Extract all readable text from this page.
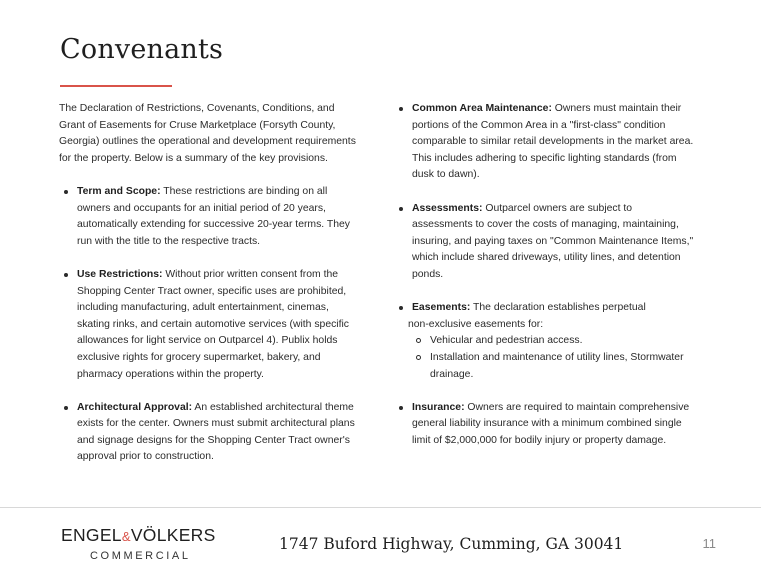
Convenants

The Declaration of Restrictions, Covenants, Conditions, and Grant of Easements for Cruse Marketplace (Forsyth County, Georgia) outlines the operational and development requirements for the property. Below is a summary of the key provisions.

Term and Scope: These restrictions are binding on all owners and occupants for an initial period of 20 years, automatically extending for successive 20-year terms. They run with the title to the respective tracts.
Use Restrictions: Without prior written consent from the Shopping Center Tract owner, specific uses are prohibited, including manufacturing, adult entertainment, cinemas, skating rinks, and certain automotive services (with specific allowances for light service on Outparcel 4). Publix holds exclusive rights for grocery supermarket, bakery, and pharmacy operations within the property.
Architectural Approval: An established architectural theme exists for the center. Owners must submit architectural plans and signage designs for the Shopping Center Tract owner's approval prior to construction.
Common Area Maintenance: Owners must maintain their portions of the Common Area in a "first-class" condition comparable to similar retail developments in the market area. This includes adhering to specific lighting standards (from dusk to dawn).
Assessments: Outparcel owners are subject to assessments to cover the costs of managing, maintaining, insuring, and paying taxes on "Common Maintenance Items," which include shared driveways, utility lines, and detention ponds.
Easements: The declaration establishes perpetual
non-exclusive easements for:
Vehicular and pedestrian access.
Installation and maintenance of utility lines, Stormwater drainage.
Insurance: Owners are required to maintain comprehensive general liability insurance with a minimum combined single limit of $2,000,000 for bodily injury or property damage.
ENGEL&VÖLKERS
COMMERCIAL
1747 Buford Highway, Cumming, GA 30041	11
